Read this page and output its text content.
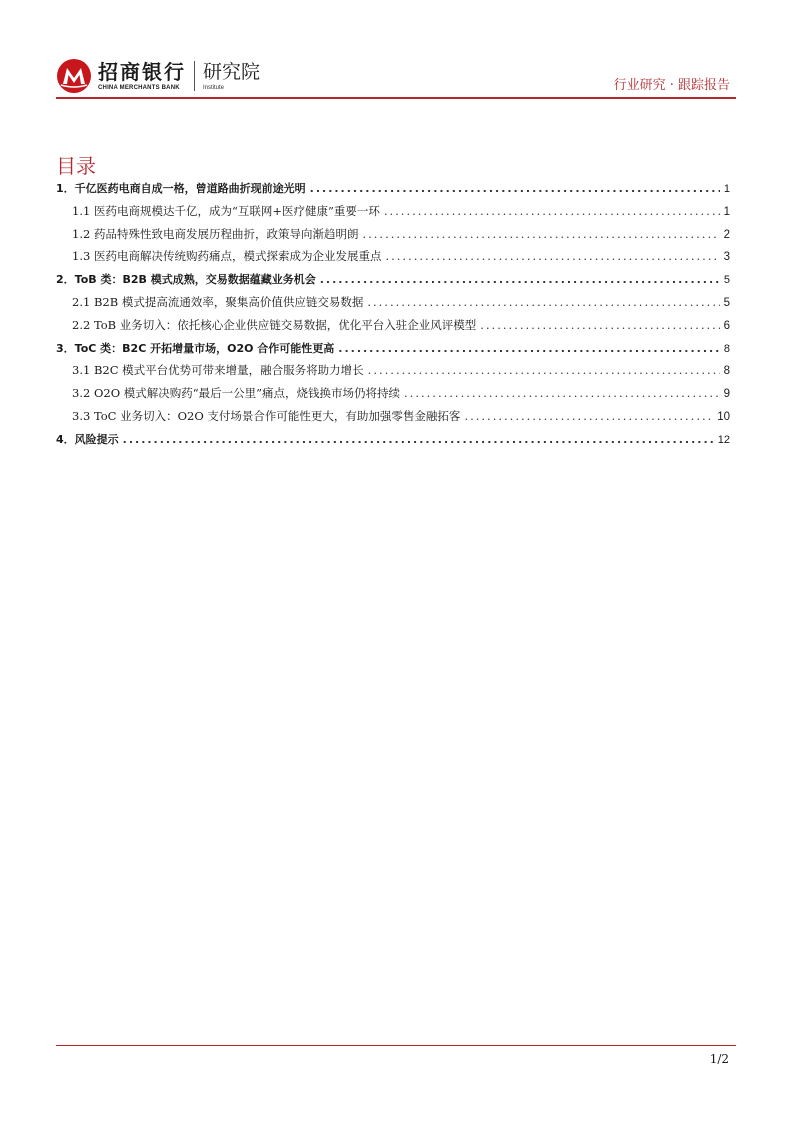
招商银行
CHINA MERCHANTS BANK
研究院
Institute	行业研究 · 跟踪报告
目录
1．千亿医药电商自成一格，曾道路曲折现前途光明 .....	1
1.1 医药电商规模达千亿，成为“互联网+医疗健康”重要一环 .....	1
1.2 药品特殊性致电商发展历程曲折，政策导向渐趋明朗 .....	2
1.3 医药电商解决传统购药痛点，模式探索成为企业发展重点 .....	3
2．ToB 类：B2B 模式成熟，交易数据蕴藏业务机会 .....	5
2.1 B2B 模式提高流通效率，聚集高价值供应链交易数据 .....	5
2.2 ToB 业务切入：依托核心企业供应链交易数据，优化平台入驻企业风评模型 .....	6
3．ToC 类：B2C 开拓增量市场，O2O 合作可能性更高 .....	8
3.1 B2C 模式平台优势可带来增量，融合服务将助力增长 .....	8
3.2 O2O 模式解决购药“最后一公里”痛点，烧钱换市场仍将持续 .....	9
3.3 ToC 业务切入：O2O 支付场景合作可能性更大，有助加强零售金融拓客 .....	10
4．风险提示 .....	12
1/2
